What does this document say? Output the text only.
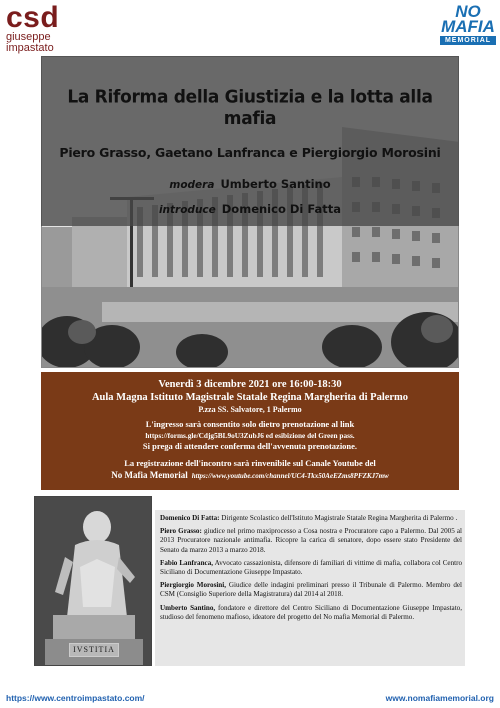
csd
giuseppe
impastato
NO
MAFIA
MEMORIAL
La Riforma della Giustizia e la lotta alla mafia
Piero Grasso, Gaetano Lanfranca e Piergiorgio Morosini
modera Umberto Santino
introduce Domenico Di Fatta
Venerdì 3 dicembre 2021 ore 16:00-18:30
Aula Magna Istituto Magistrale Statale Regina Margherita di Palermo
P.zza SS. Salvatore, 1 Palermo
L'ingresso sarà consentito solo dietro prenotazione al link
https://forms.gle/Cdjg5BL9oU3ZubJ6 ed esibizione del Green pass.
Si prega di attendere conferma dell'avvenuta prenotazione.
La registrazione dell'incontro sarà rinvenibile sul Canale Youtube del
No Mafia Memorial https://www.youtube.com/channel/UC4-Tkx50AeEZms8PFZKJ7mw
IVSTITIA

Domenico Di Fatta: Dirigente Scolastico dell'Istituto Magistrale Statale Regina Margherita di Palermo .

Piero Grasso: giudice nel primo maxiprocesso a Cosa nostra e Procuratore capo a Palermo. Dal 2005 al 2013 Procuratore nazionale antimafia. Ricopre la carica di senatore, dopo essere stato Presidente del Senato da marzo 2013 a marzo 2018.

Fabio Lanfranca, Avvocato cassazionista, difensore di familiari di vittime di mafia, collabora col Centro Siciliano di Documentazione Giuseppe Impastato.

Piergiorgio Morosini, Giudice delle indagini preliminari presso il Tribunale di Palermo. Membro del CSM (Consiglio Superiore della Magistratura) dal 2014 al 2018.

Umberto Santino, fondatore e direttore del Centro Siciliano di Documentazione Giuseppe Impastato, studioso del fenomeno mafioso, ideatore del progetto del No mafia Memorial di Palermo.

https://www.centroimpastato.com/	www.nomafiamemorial.org
